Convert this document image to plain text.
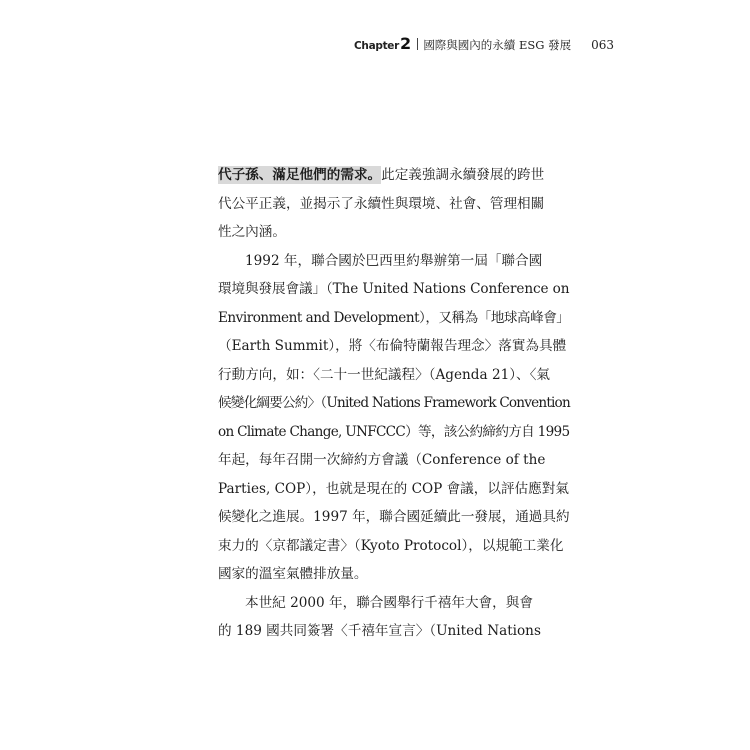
Chapter 2 國際與國內的永續 ESG 發展 063
代子孫、滿足他們的需求。此定義強調永續發展的跨世
代公平正義，並揭示了永續性與環境、社會、管理相關
性之內涵。
1992 年，聯合國於巴西里約舉辦第一屆「聯合國
環境與發展會議」（The United Nations Conference on
Environment and Development），又稱為「地球高峰會」
（Earth Summit），將〈布倫特蘭報告理念〉落實為具體
行動方向，如：〈二十一世紀議程〉（Agenda 21）、〈氣
候變化綱要公約〉（United Nations Framework Convention
on Climate Change, UNFCCC）等，該公約締約方自 1995
年起，每年召開一次締約方會議（Conference of the
Parties, COP），也就是現在的 COP 會議，以評估應對氣
候變化之進展。1997 年，聯合國延續此一發展，通過具約
束力的〈京都議定書〉（Kyoto Protocol），以規範工業化
國家的溫室氣體排放量。
本世紀 2000 年，聯合國舉行千禧年大會，與會
的 189 國共同簽署〈千禧年宣言〉（United Nations
